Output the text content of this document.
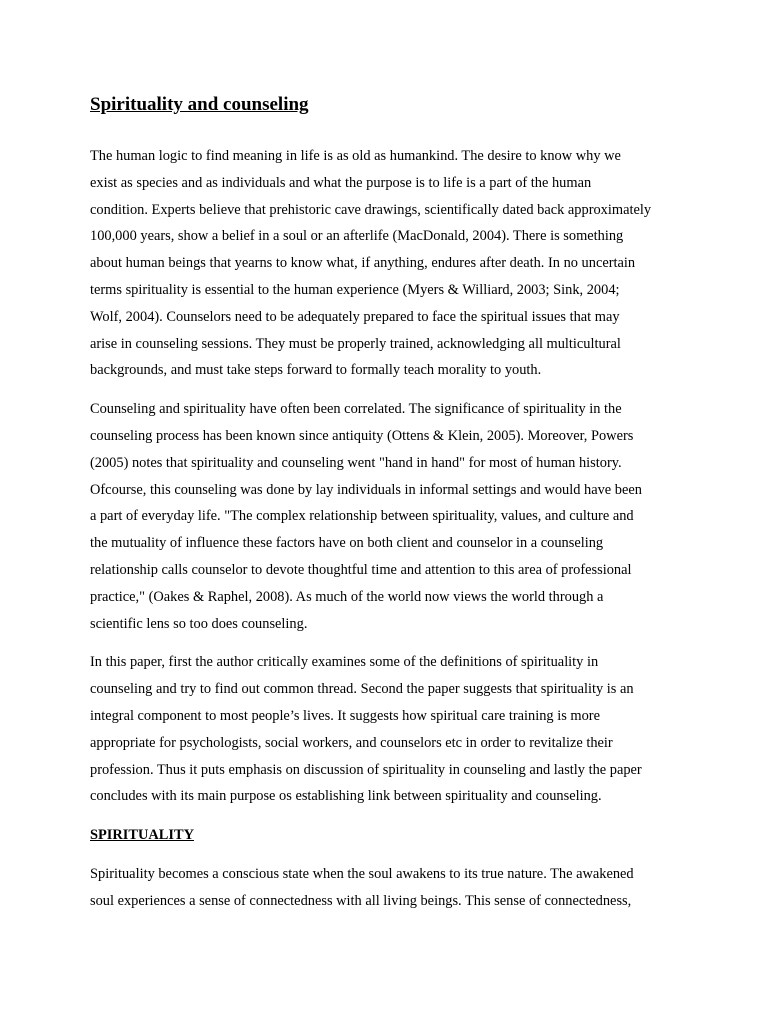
Spirituality and counseling
The human logic to find meaning in life is as old as humankind. The desire to know why we
exist as species and as individuals and what the purpose is to life is a part of the human
condition. Experts believe that prehistoric cave drawings, scientifically dated back approximately
100,000 years, show a belief in a soul or an afterlife (MacDonald, 2004). There is something
about human beings that yearns to know what, if anything, endures after death. In no uncertain
terms spirituality is essential to the human experience (Myers & Williard, 2003; Sink, 2004;
Wolf, 2004). Counselors need to be adequately prepared to face the spiritual issues that may
arise in counseling sessions. They must be properly trained, acknowledging all multicultural
backgrounds, and must take steps forward to formally teach morality to youth.
Counseling and spirituality have often been correlated. The significance of spirituality in the
counseling process has been known since antiquity (Ottens & Klein, 2005). Moreover, Powers
(2005) notes that spirituality and counseling went "hand in hand" for most of human history.
Ofcourse, this counseling was done by lay individuals in informal settings and would have been
a part of everyday life. "The complex relationship between spirituality, values, and culture and
the mutuality of influence these factors have on both client and counselor in a counseling
relationship calls counselor to devote thoughtful time and attention to this area of professional
practice," (Oakes & Raphel, 2008). As much of the world now views the world through a
scientific lens so too does counseling.
In this paper, first the author critically examines some of the definitions of spirituality in
counseling and try to find out common thread. Second the paper suggests that spirituality is an
integral component to most people’s lives. It suggests how spiritual care training is more
appropriate for psychologists, social workers, and counselors etc in order to revitalize their
profession. Thus it puts emphasis on discussion of spirituality in counseling and lastly the paper
concludes with its main purpose os establishing link between spirituality and counseling.
SPIRITUALITY
Spirituality becomes a conscious state when the soul awakens to its true nature. The awakened
soul experiences a sense of connectedness with all living beings. This sense of connectedness,
